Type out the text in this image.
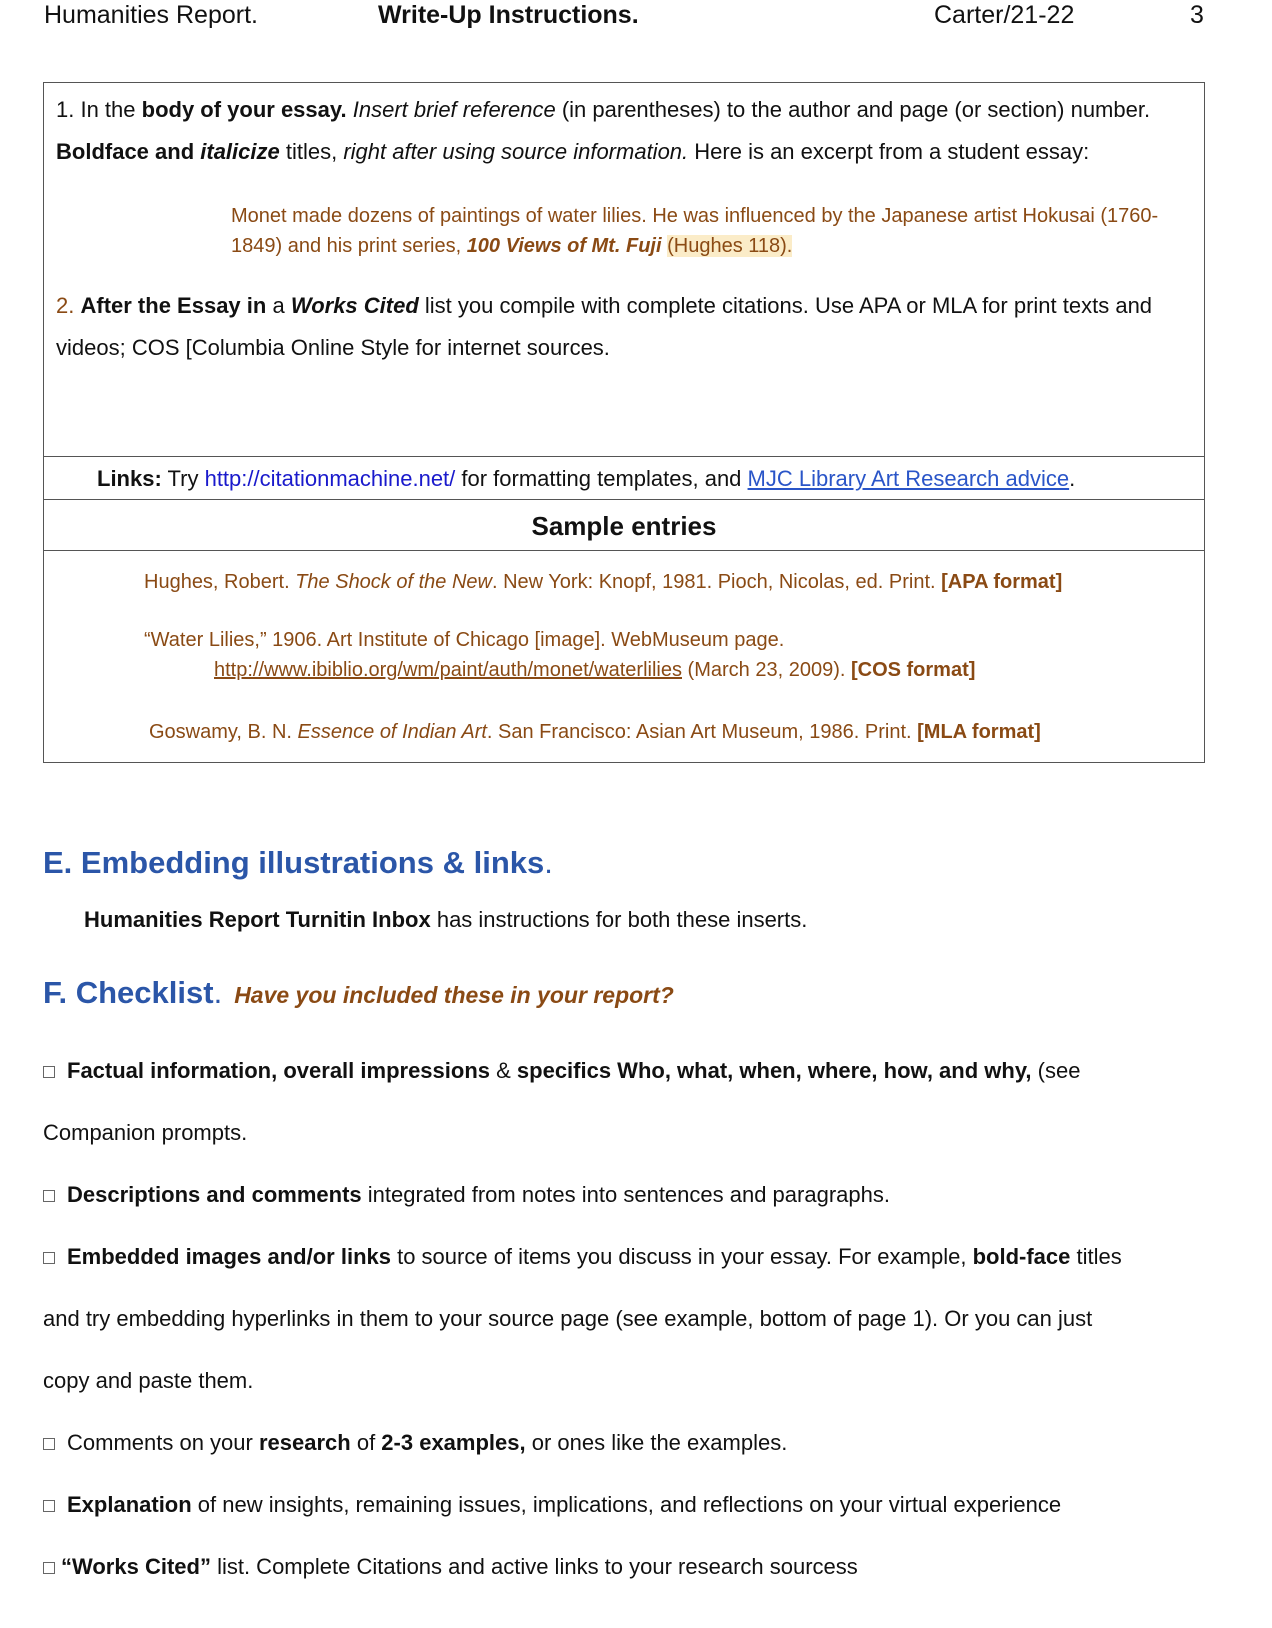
Humanities Report.	Write-Up Instructions.	Carter/21-22	3

1. In the body of your essay. Insert brief reference (in parentheses) to the author and page (or section) number. Boldface and italicize titles, right after using source information. Here is an excerpt from a student essay:

Monet made dozens of paintings of water lilies. He was influenced by the Japanese artist Hokusai (1760-1849) and his print series, 100 Views of Mt. Fuji (Hughes 118).

2. After the Essay in a Works Cited list you compile with complete citations. Use APA or MLA for print texts and videos; COS [Columbia Online Style for internet sources.

Links: Try http://citationmachine.net/ for formatting templates, and MJC Library Art Research advice.
Sample entries
Hughes, Robert. The Shock of the New. New York: Knopf, 1981. Pioch, Nicolas, ed. Print. [APA format]
“Water Lilies,” 1906. Art Institute of Chicago [image]. WebMuseum page.
http://www.ibiblio.org/wm/paint/auth/monet/waterlilies (March 23, 2009). [COS format]
Goswamy, B. N. Essence of Indian Art. San Francisco: Asian Art Museum, 1986. Print. [MLA format]
E. Embedding illustrations & links.
Humanities Report Turnitin Inbox has instructions for both these inserts.
F. Checklist. Have you included these in your report?
Factual information, overall impressions & specifics Who, what, when, where, how, and why, (see
Companion prompts.
Descriptions and comments integrated from notes into sentences and paragraphs.
Embedded images and/or links to source of items you discuss in your essay. For example, bold-face titles
and try embedding hyperlinks in them to your source page (see example, bottom of page 1). Or you can just
copy and paste them.
Comments on your research of 2-3 examples, or ones like the examples.
Explanation of new insights, remaining issues, implications, and reflections on your virtual experience
“Works Cited” list. Complete Citations and active links to your research sourcess
